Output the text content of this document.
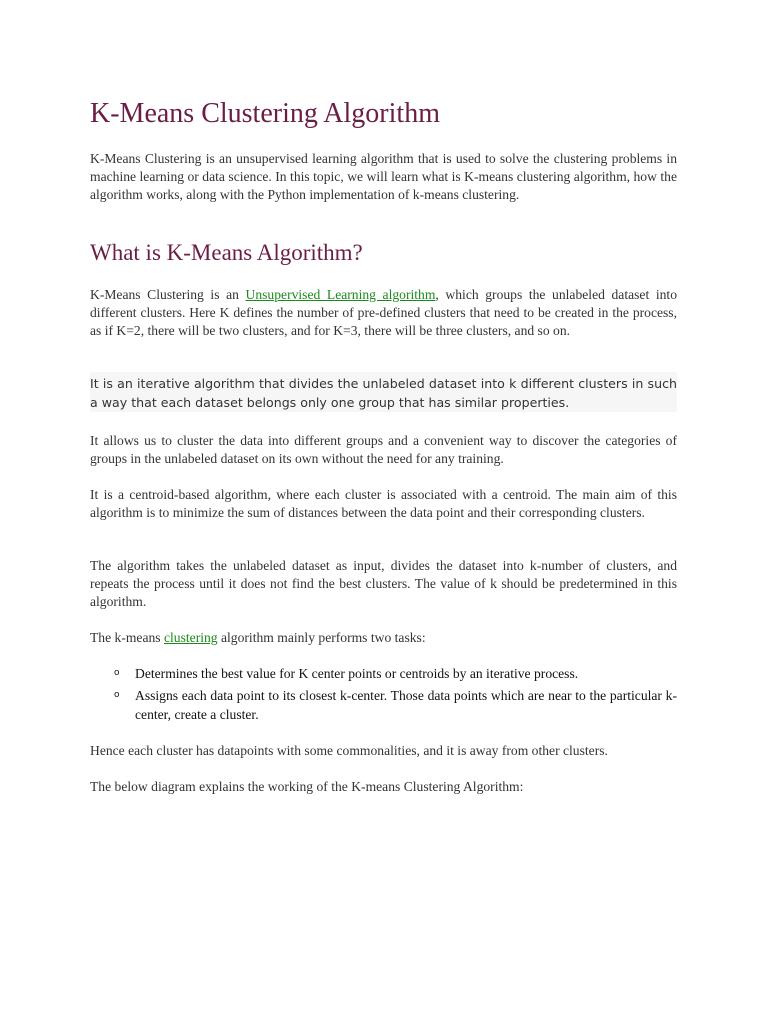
K-Means Clustering Algorithm

K-Means Clustering is an unsupervised learning algorithm that is used to solve the clustering problems in machine learning or data science. In this topic, we will learn what is K-means clustering algorithm, how the algorithm works, along with the Python implementation of k-means clustering.

What is K-Means Algorithm?

K-Means Clustering is an Unsupervised Learning algorithm, which groups the unlabeled dataset into different clusters. Here K defines the number of pre-defined clusters that need to be created in the process, as if K=2, there will be two clusters, and for K=3, there will be three clusters, and so on.

It is an iterative algorithm that divides the unlabeled dataset into k different clusters in such a way that each dataset belongs only one group that has similar properties.

It allows us to cluster the data into different groups and a convenient way to discover the categories of groups in the unlabeled dataset on its own without the need for any training.

It is a centroid-based algorithm, where each cluster is associated with a centroid. The main aim of this algorithm is to minimize the sum of distances between the data point and their corresponding clusters.

The algorithm takes the unlabeled dataset as input, divides the dataset into k-number of clusters, and repeats the process until it does not find the best clusters. The value of k should be predetermined in this algorithm.

The k-means clustering algorithm mainly performs two tasks:

o Determines the best value for K center points or centroids by an iterative process.
o Assigns each data point to its closest k-center. Those data points which are near to the particular k-center, create a cluster.

Hence each cluster has datapoints with some commonalities, and it is away from other clusters.

The below diagram explains the working of the K-means Clustering Algorithm:
